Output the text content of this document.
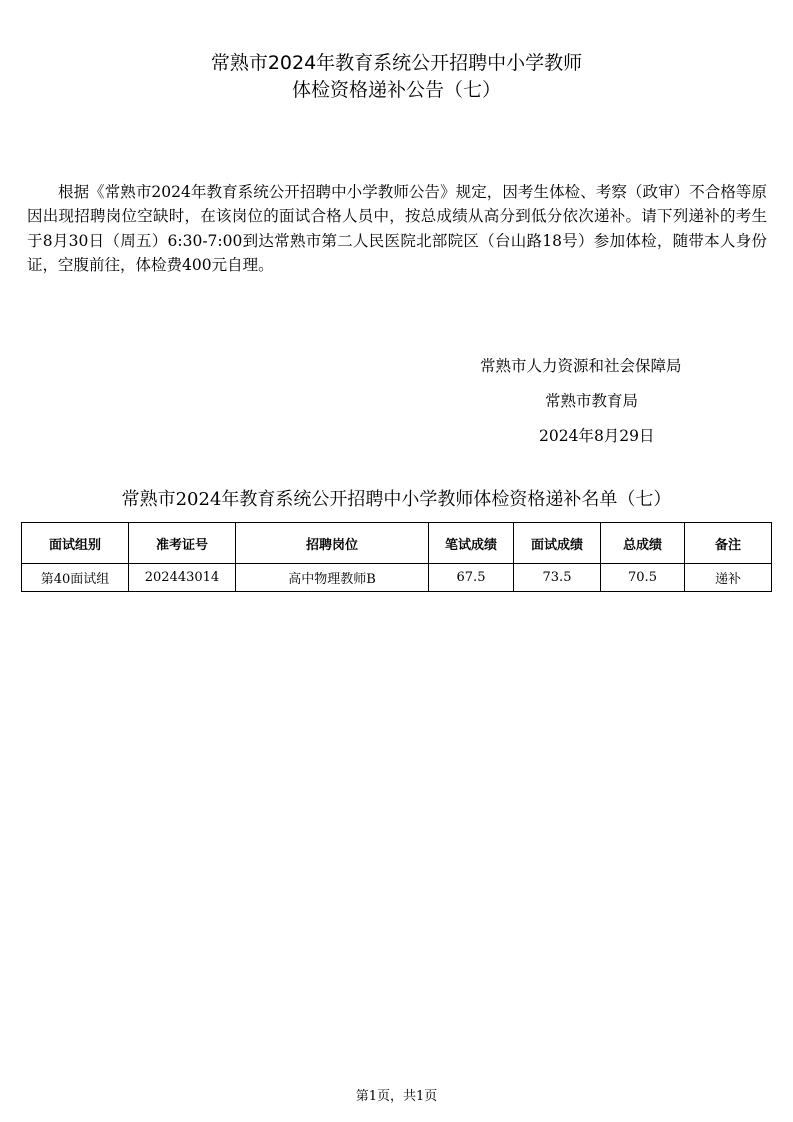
常熟市2024年教育系统公开招聘中小学教师
体检资格递补公告（七）

根据《常熟市2024年教育系统公开招聘中小学教师公告》规定，因考生体检、考察（政审）不合格等原因出现招聘岗位空缺时，在该岗位的面试合格人员中，按总成绩从高分到低分依次递补。请下列递补的考生于8月30日（周五）6:30-7:00到达常熟市第二人民医院北部院区（台山路18号）参加体检，随带本人身份证，空腹前往，体检费400元自理。

常熟市人力资源和社会保障局
常熟市教育局
2024年8月29日
常熟市2024年教育系统公开招聘中小学教师体检资格递补名单（七）
面试组别	准考证号	招聘岗位	笔试成绩	面试成绩	总成绩	备注
第40面试组	202443014	高中物理教师B	67.5	73.5	70.5	递补
第1页，共1页
